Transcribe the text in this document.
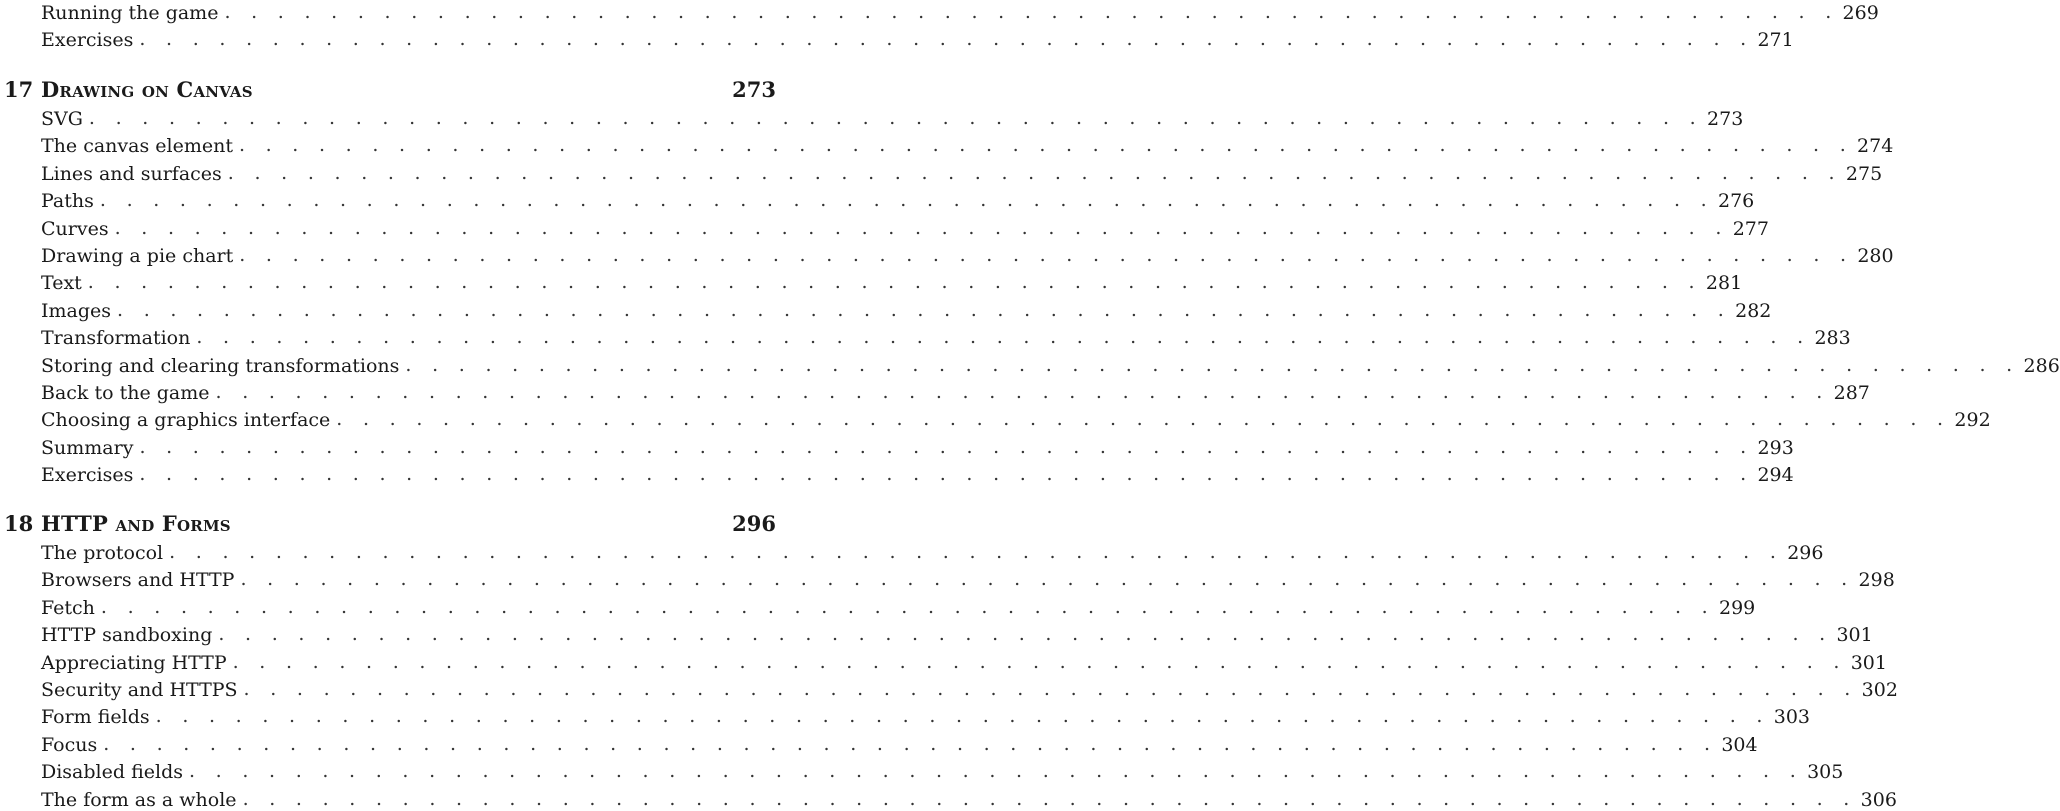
Running the game . . . . . . . . . . . . . . . . . . . . . . . . . . . . . . . . . . . . . . . . . . . . . . . . . . . . . . . . . . . . . 269
Exercises . . . . . . . . . . . . . . . . . . . . . . . . . . . . . . . . . . . . . . . . . . . . . . . . . . . . . . . . . . . . . 271
17 Drawing on Canvas	273
SVG . . . . . . . . . . . . . . . . . . . . . . . . . . . . . . . . . . . . . . . . . . . . . . . . . . . . . . . . . . . . . 273
The canvas element . . . . . . . . . . . . . . . . . . . . . . . . . . . . . . . . . . . . . . . . . . . . . . . . . . . . . . . . . . . . . 274
Lines and surfaces . . . . . . . . . . . . . . . . . . . . . . . . . . . . . . . . . . . . . . . . . . . . . . . . . . . . . . . . . . . . . 275
Paths . . . . . . . . . . . . . . . . . . . . . . . . . . . . . . . . . . . . . . . . . . . . . . . . . . . . . . . . . . . . . 276
Curves . . . . . . . . . . . . . . . . . . . . . . . . . . . . . . . . . . . . . . . . . . . . . . . . . . . . . . . . . . . . . 277
Drawing a pie chart . . . . . . . . . . . . . . . . . . . . . . . . . . . . . . . . . . . . . . . . . . . . . . . . . . . . . . . . . . . . . 280
Text . . . . . . . . . . . . . . . . . . . . . . . . . . . . . . . . . . . . . . . . . . . . . . . . . . . . . . . . . . . . . 281
Images . . . . . . . . . . . . . . . . . . . . . . . . . . . . . . . . . . . . . . . . . . . . . . . . . . . . . . . . . . . . . 282
Transformation . . . . . . . . . . . . . . . . . . . . . . . . . . . . . . . . . . . . . . . . . . . . . . . . . . . . . . . . . . . . . 283
Storing and clearing transformations . . . . . . . . . . . . . . . . . . . . . . . . . . . . . . . . . . . . . . . . . . . . . . . . . . . . . . . . . . . . . 286
Back to the game . . . . . . . . . . . . . . . . . . . . . . . . . . . . . . . . . . . . . . . . . . . . . . . . . . . . . . . . . . . . . 287
Choosing a graphics interface . . . . . . . . . . . . . . . . . . . . . . . . . . . . . . . . . . . . . . . . . . . . . . . . . . . . . . . . . . . . . 292
Summary . . . . . . . . . . . . . . . . . . . . . . . . . . . . . . . . . . . . . . . . . . . . . . . . . . . . . . . . . . . . . 293
Exercises . . . . . . . . . . . . . . . . . . . . . . . . . . . . . . . . . . . . . . . . . . . . . . . . . . . . . . . . . . . . . 294
18 HTTP and Forms	296
The protocol . . . . . . . . . . . . . . . . . . . . . . . . . . . . . . . . . . . . . . . . . . . . . . . . . . . . . . . . . . . . . 296
Browsers and HTTP . . . . . . . . . . . . . . . . . . . . . . . . . . . . . . . . . . . . . . . . . . . . . . . . . . . . . . . . . . . . . 298
Fetch . . . . . . . . . . . . . . . . . . . . . . . . . . . . . . . . . . . . . . . . . . . . . . . . . . . . . . . . . . . . . 299
HTTP sandboxing . . . . . . . . . . . . . . . . . . . . . . . . . . . . . . . . . . . . . . . . . . . . . . . . . . . . . . . . . . . . . 301
Appreciating HTTP . . . . . . . . . . . . . . . . . . . . . . . . . . . . . . . . . . . . . . . . . . . . . . . . . . . . . . . . . . . . . 301
Security and HTTPS . . . . . . . . . . . . . . . . . . . . . . . . . . . . . . . . . . . . . . . . . . . . . . . . . . . . . . . . . . . . . 302
Form fields . . . . . . . . . . . . . . . . . . . . . . . . . . . . . . . . . . . . . . . . . . . . . . . . . . . . . . . . . . . . . 303
Focus . . . . . . . . . . . . . . . . . . . . . . . . . . . . . . . . . . . . . . . . . . . . . . . . . . . . . . . . . . . . . 304
Disabled fields . . . . . . . . . . . . . . . . . . . . . . . . . . . . . . . . . . . . . . . . . . . . . . . . . . . . . . . . . . . . . 305
The form as a whole . . . . . . . . . . . . . . . . . . . . . . . . . . . . . . . . . . . . . . . . . . . . . . . . . . . . . . . . . . . . . 306
